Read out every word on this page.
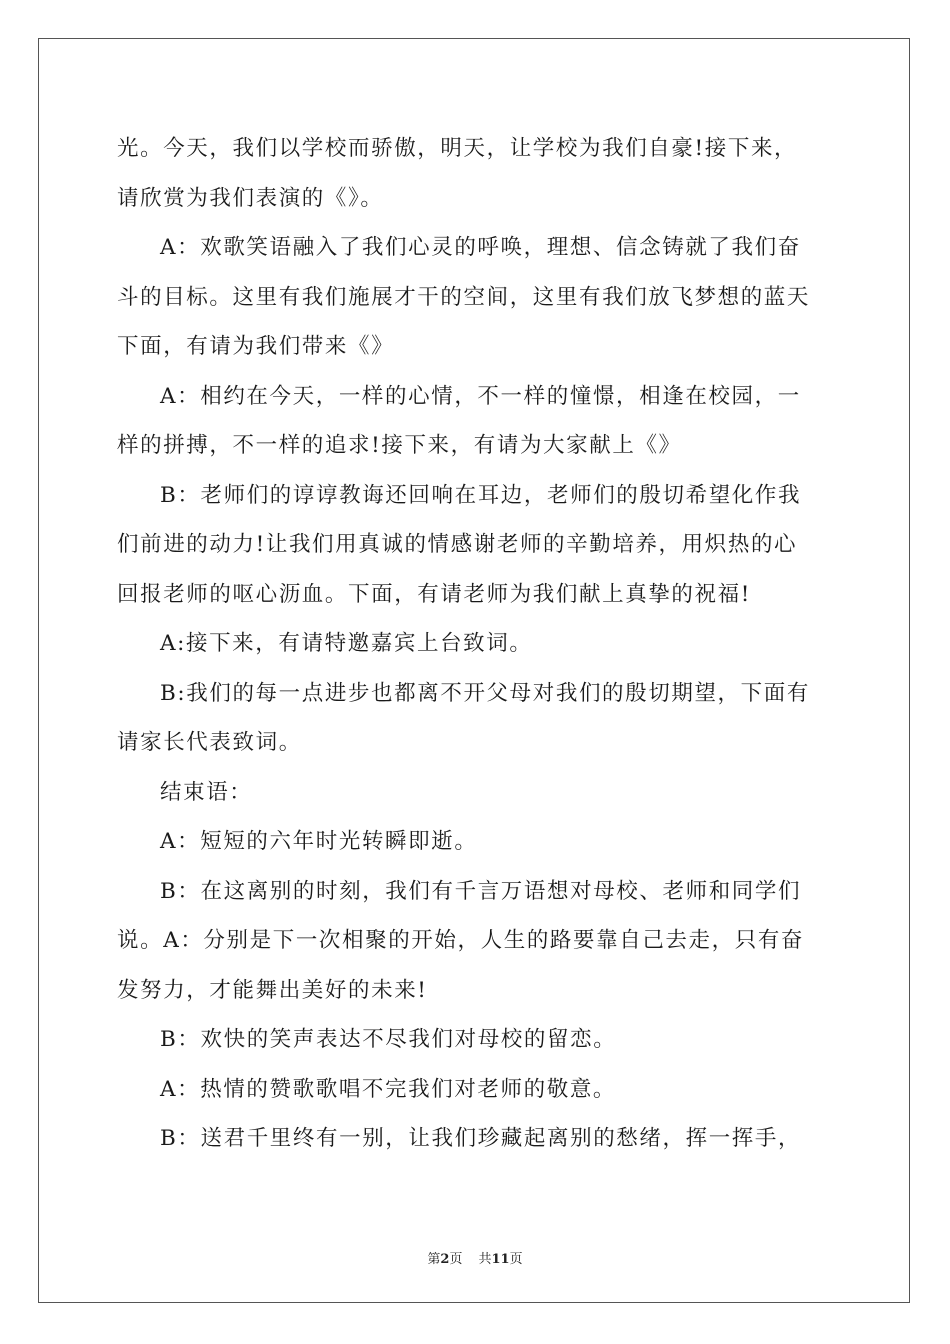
光。今天，我们以学校而骄傲，明天，让学校为我们自豪!接下来，
请欣赏为我们表演的《》。
A：欢歌笑语融入了我们心灵的呼唤，理想、信念铸就了我们奋
斗的目标。这里有我们施展才干的空间，这里有我们放飞梦想的蓝天
下面，有请为我们带来《》
A：相约在今天，一样的心情，不一样的憧憬，相逢在校园，一
样的拼搏，不一样的追求!接下来，有请为大家献上《》
B：老师们的谆谆教诲还回响在耳边，老师们的殷切希望化作我
们前进的动力!让我们用真诚的情感谢老师的辛勤培养，用炽热的心
回报老师的呕心沥血。下面，有请老师为我们献上真挚的祝福!
A:接下来，有请特邀嘉宾上台致词。
B:我们的每一点进步也都离不开父母对我们的殷切期望，下面有
请家长代表致词。
结束语：
A：短短的六年时光转瞬即逝。
B：在这离别的时刻，我们有千言万语想对母校、老师和同学们
说。A：分别是下一次相聚的开始，人生的路要靠自己去走，只有奋
发努力，才能舞出美好的未来!
B：欢快的笑声表达不尽我们对母校的留恋。
A：热情的赞歌歌唱不完我们对老师的敬意。
B：送君千里终有一别，让我们珍藏起离别的愁绪，挥一挥手，
第2页 共11页
